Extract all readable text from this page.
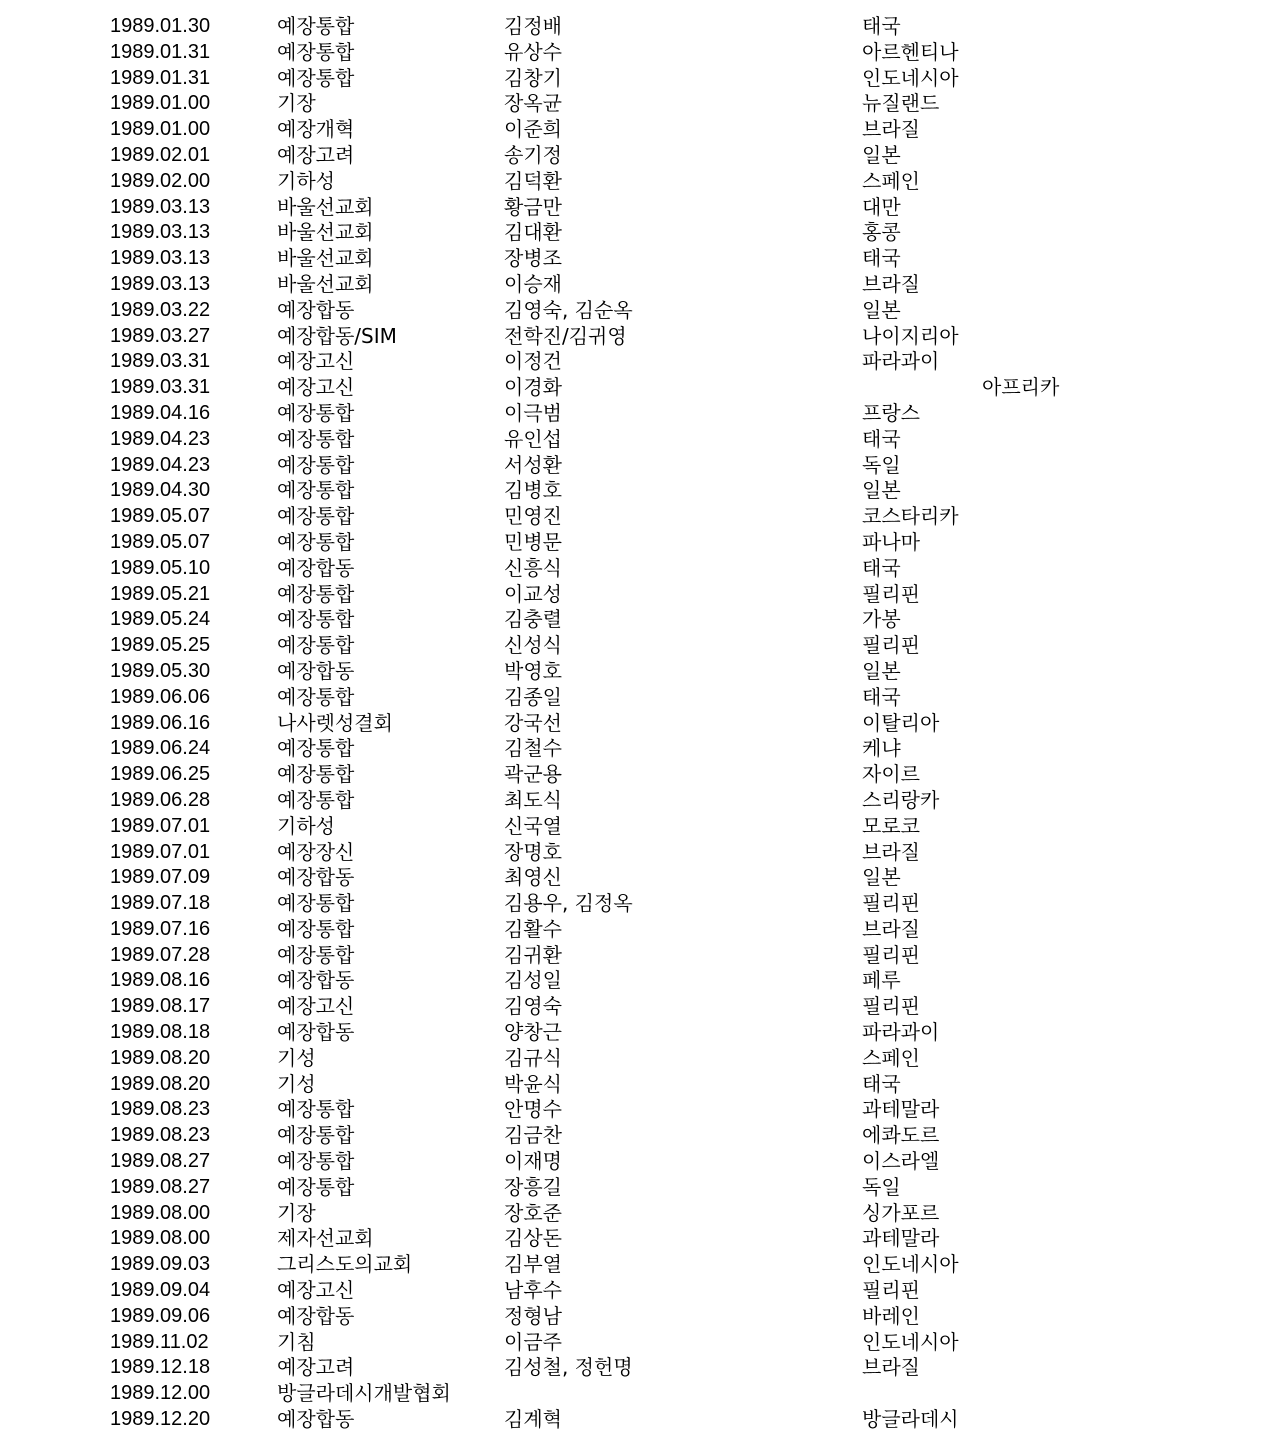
1989.01.30	예장통합	김정배	태국
1989.01.31	예장통합	유상수	아르헨티나
1989.01.31	예장통합	김창기	인도네시아
1989.01.00	기장	장옥균	뉴질랜드
1989.01.00	예장개혁	이준희	브라질
1989.02.01	예장고려	송기정	일본
1989.02.00	기하성	김덕환	스페인
1989.03.13	바울선교회	황금만	대만
1989.03.13	바울선교회	김대환	홍콩
1989.03.13	바울선교회	장병조	태국
1989.03.13	바울선교회	이승재	브라질
1989.03.22	예장합동	김영숙, 김순옥	일본
1989.03.27	예장합동/SIM	전학진/김귀영	나이지리아
1989.03.31	예장고신	이정건	파라과이
1989.03.31	예장고신	이경화	아프리카
1989.04.16	예장통합	이극범	프랑스
1989.04.23	예장통합	유인섭	태국
1989.04.23	예장통합	서성환	독일
1989.04.30	예장통합	김병호	일본
1989.05.07	예장통합	민영진	코스타리카
1989.05.07	예장통합	민병문	파나마
1989.05.10	예장합동	신흥식	태국
1989.05.21	예장통합	이교성	필리핀
1989.05.24	예장통합	김충렬	가봉
1989.05.25	예장통합	신성식	필리핀
1989.05.30	예장합동	박영호	일본
1989.06.06	예장통합	김종일	태국
1989.06.16	나사렛성결회	강국선	이탈리아
1989.06.24	예장통합	김철수	케냐
1989.06.25	예장통합	곽군용	자이르
1989.06.28	예장통합	최도식	스리랑카
1989.07.01	기하성	신국열	모로코
1989.07.01	예장장신	장명호	브라질
1989.07.09	예장합동	최영신	일본
1989.07.18	예장통합	김용우, 김정옥	필리핀
1989.07.16	예장통합	김활수	브라질
1989.07.28	예장통합	김귀환	필리핀
1989.08.16	예장합동	김성일	페루
1989.08.17	예장고신	김영숙	필리핀
1989.08.18	예장합동	양창근	파라과이
1989.08.20	기성	김규식	스페인
1989.08.20	기성	박윤식	태국
1989.08.23	예장통합	안명수	과테말라
1989.08.23	예장통합	김금찬	에콰도르
1989.08.27	예장통합	이재명	이스라엘
1989.08.27	예장통합	장흥길	독일
1989.08.00	기장	장호준	싱가포르
1989.08.00	제자선교회	김상돈	과테말라
1989.09.03	그리스도의교회	김부열	인도네시아
1989.09.04	예장고신	남후수	필리핀
1989.09.06	예장합동	정형남	바레인
1989.11.02	기침	이금주	인도네시아
1989.12.18	예장고려	김성철, 정헌명	브라질
1989.12.00	방글라데시개발협회
1989.12.20	예장합동	김계혁	방글라데시
